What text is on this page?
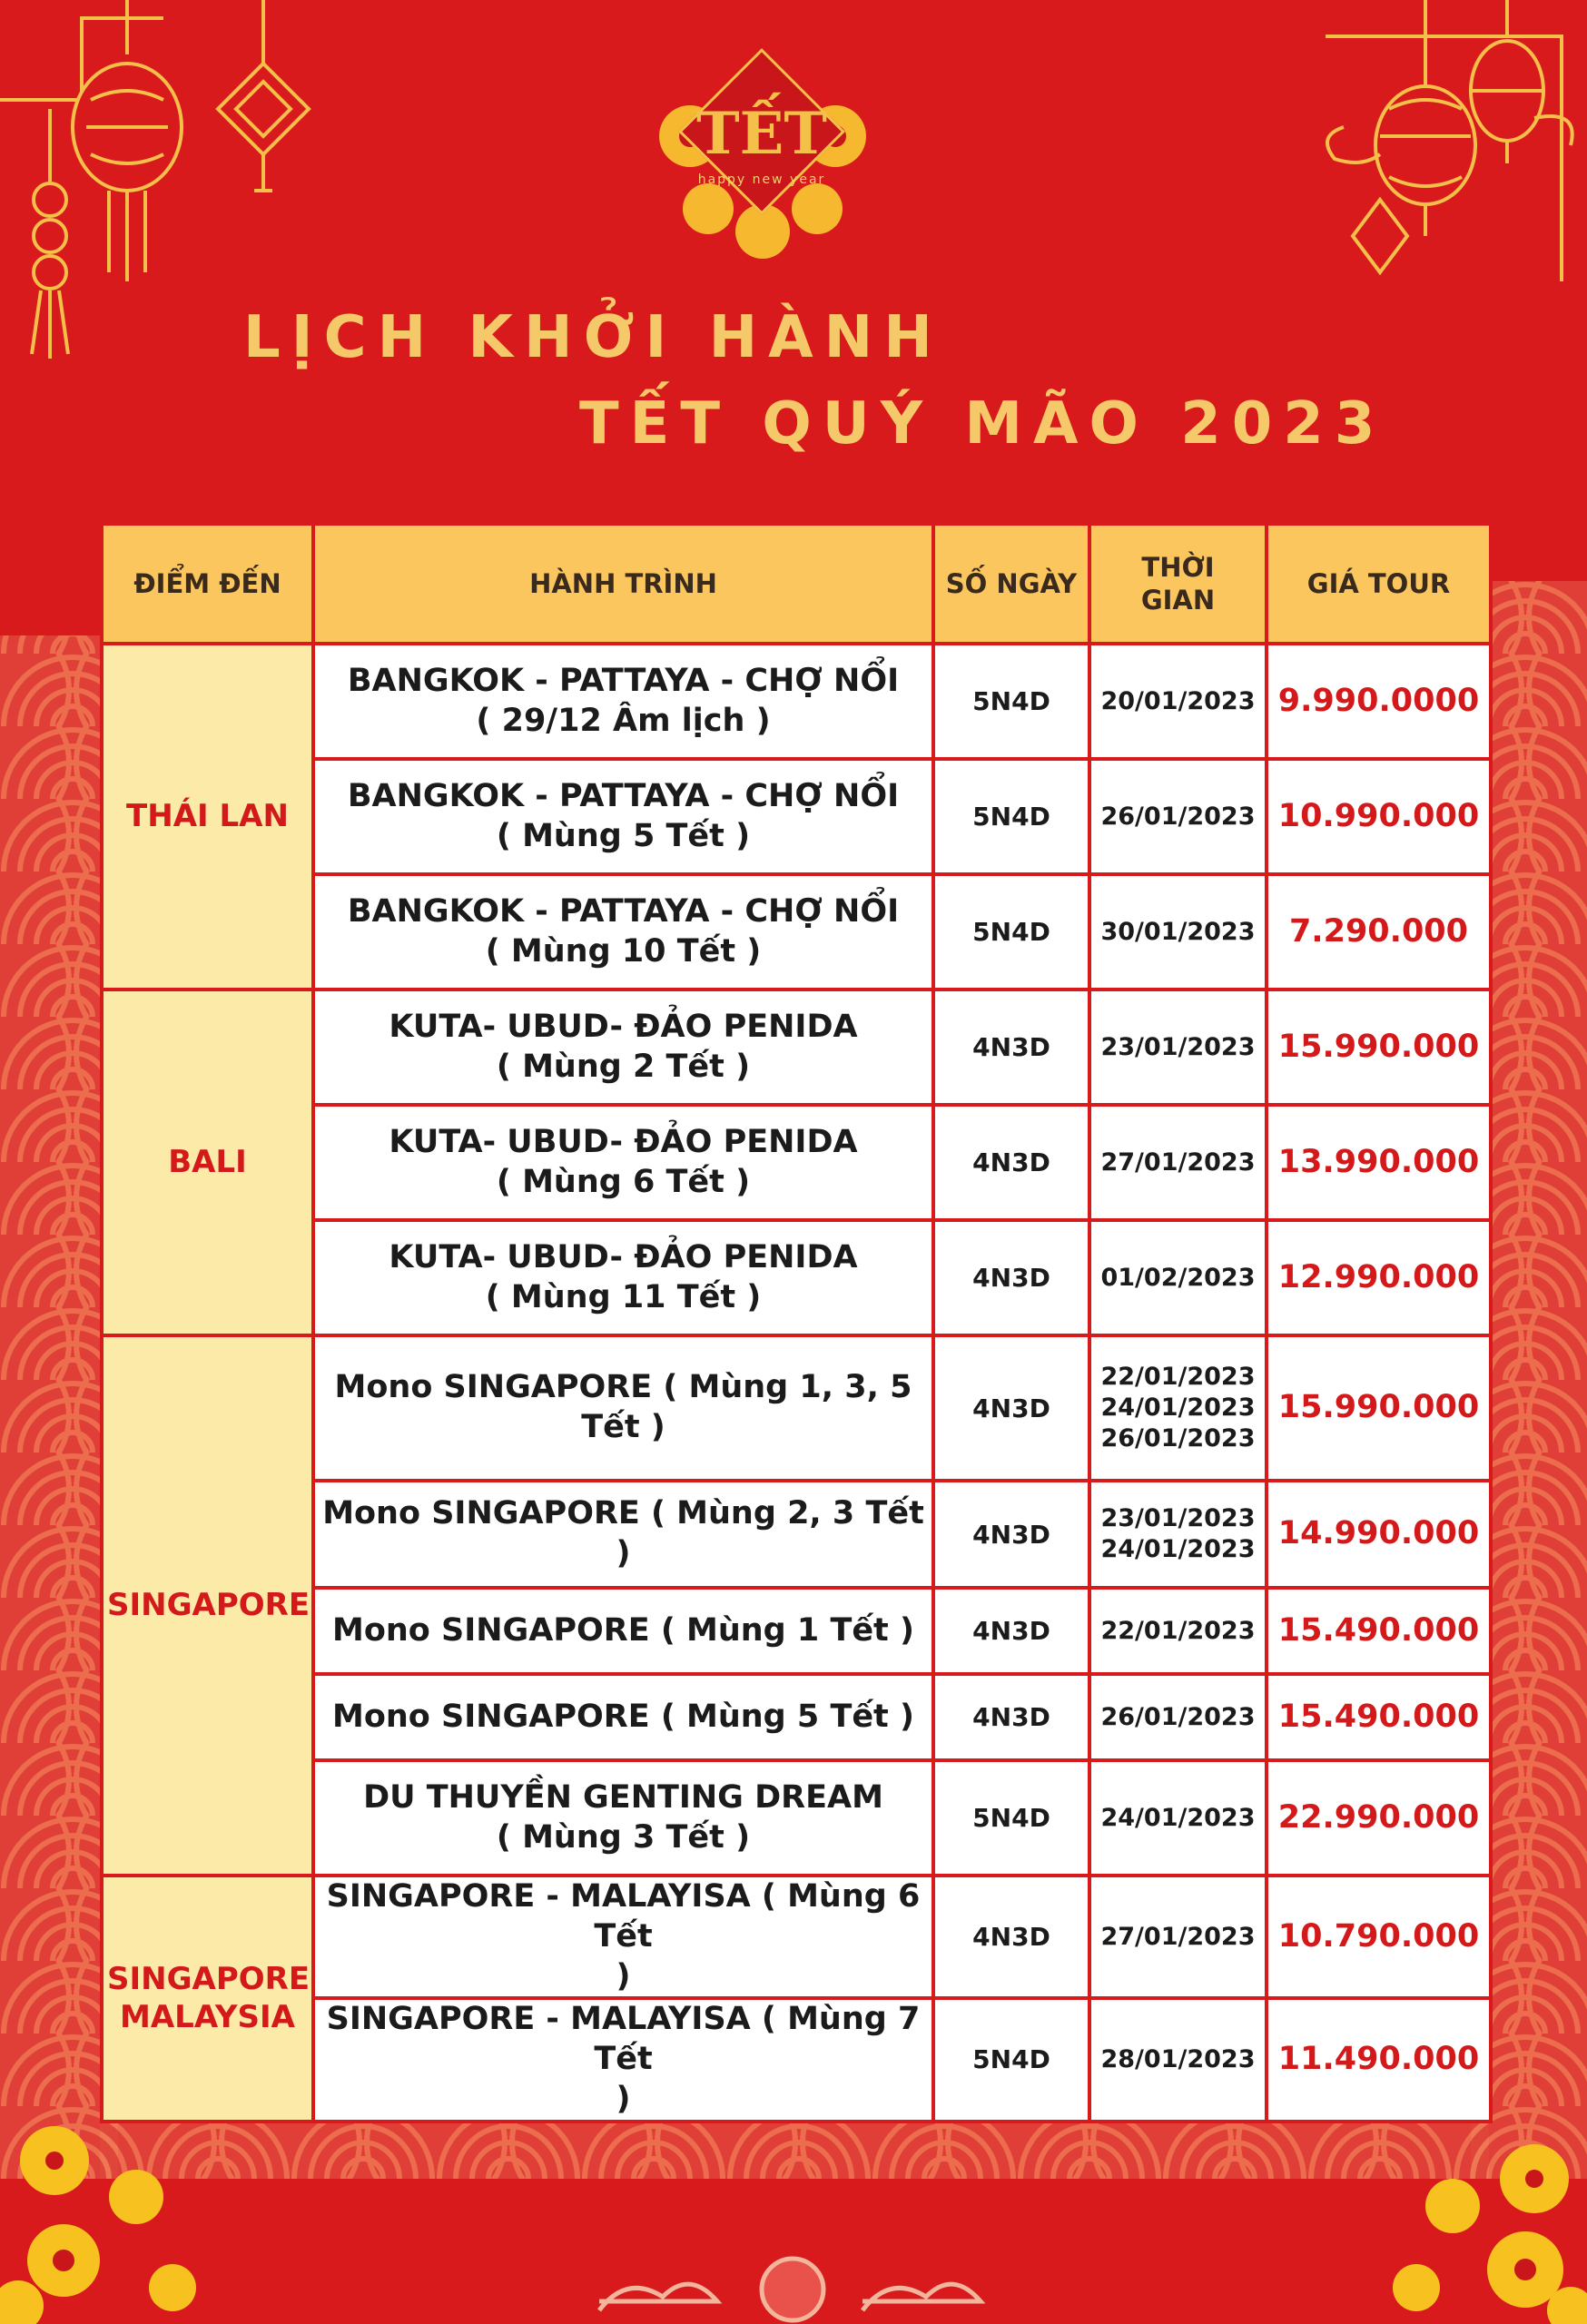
TẾT
happy new year
LỊCH KHỞI HÀNH
TẾT QUÝ MÃO 2023
ĐIỂM ĐẾN	HÀNH TRÌNH	SỐ NGÀY	THỜI GIAN	GIÁ TOUR
THÁI LAN	BANGKOK - PATTAYA - CHỢ NỔI
( 29/12 Âm lịch )	5N4D	20/01/2023	9.990.0000

	BANGKOK - PATTAYA - CHỢ NỔI
( Mùng 5 Tết )	5N4D	26/01/2023	10.990.000

	BANGKOK - PATTAYA - CHỢ NỔI
( Mùng 10 Tết )	5N4D	30/01/2023	7.290.000
BALI	KUTA- UBUD- ĐẢO PENIDA
( Mùng 2 Tết )	4N3D	23/01/2023	15.990.000

	KUTA- UBUD- ĐẢO PENIDA
( Mùng 6 Tết )	4N3D	27/01/2023	13.990.000

	KUTA- UBUD- ĐẢO PENIDA
( Mùng 11 Tết )	4N3D	01/02/2023	12.990.000
SINGAPORE	Mono SINGAPORE ( Mùng 1, 3, 5 Tết )	4N3D	22/01/2023
24/01/2023
26/01/2023	15.990.000

	Mono SINGAPORE ( Mùng 2, 3 Tết )	4N3D	23/01/2023
24/01/2023	14.990.000

	Mono SINGAPORE ( Mùng 1 Tết )	4N3D	22/01/2023	15.490.000

	Mono SINGAPORE ( Mùng 5 Tết )	4N3D	26/01/2023	15.490.000

	DU THUYỀN GENTING DREAM
( Mùng 3 Tết )	5N4D	24/01/2023	22.990.000
SINGAPORE MALAYSIA	SINGAPORE - MALAYISA ( Mùng 6 Tết
)	4N3D	27/01/2023	10.790.000

	SINGAPORE - MALAYISA ( Mùng 7 Tết
)	5N4D	28/01/2023	11.490.000
